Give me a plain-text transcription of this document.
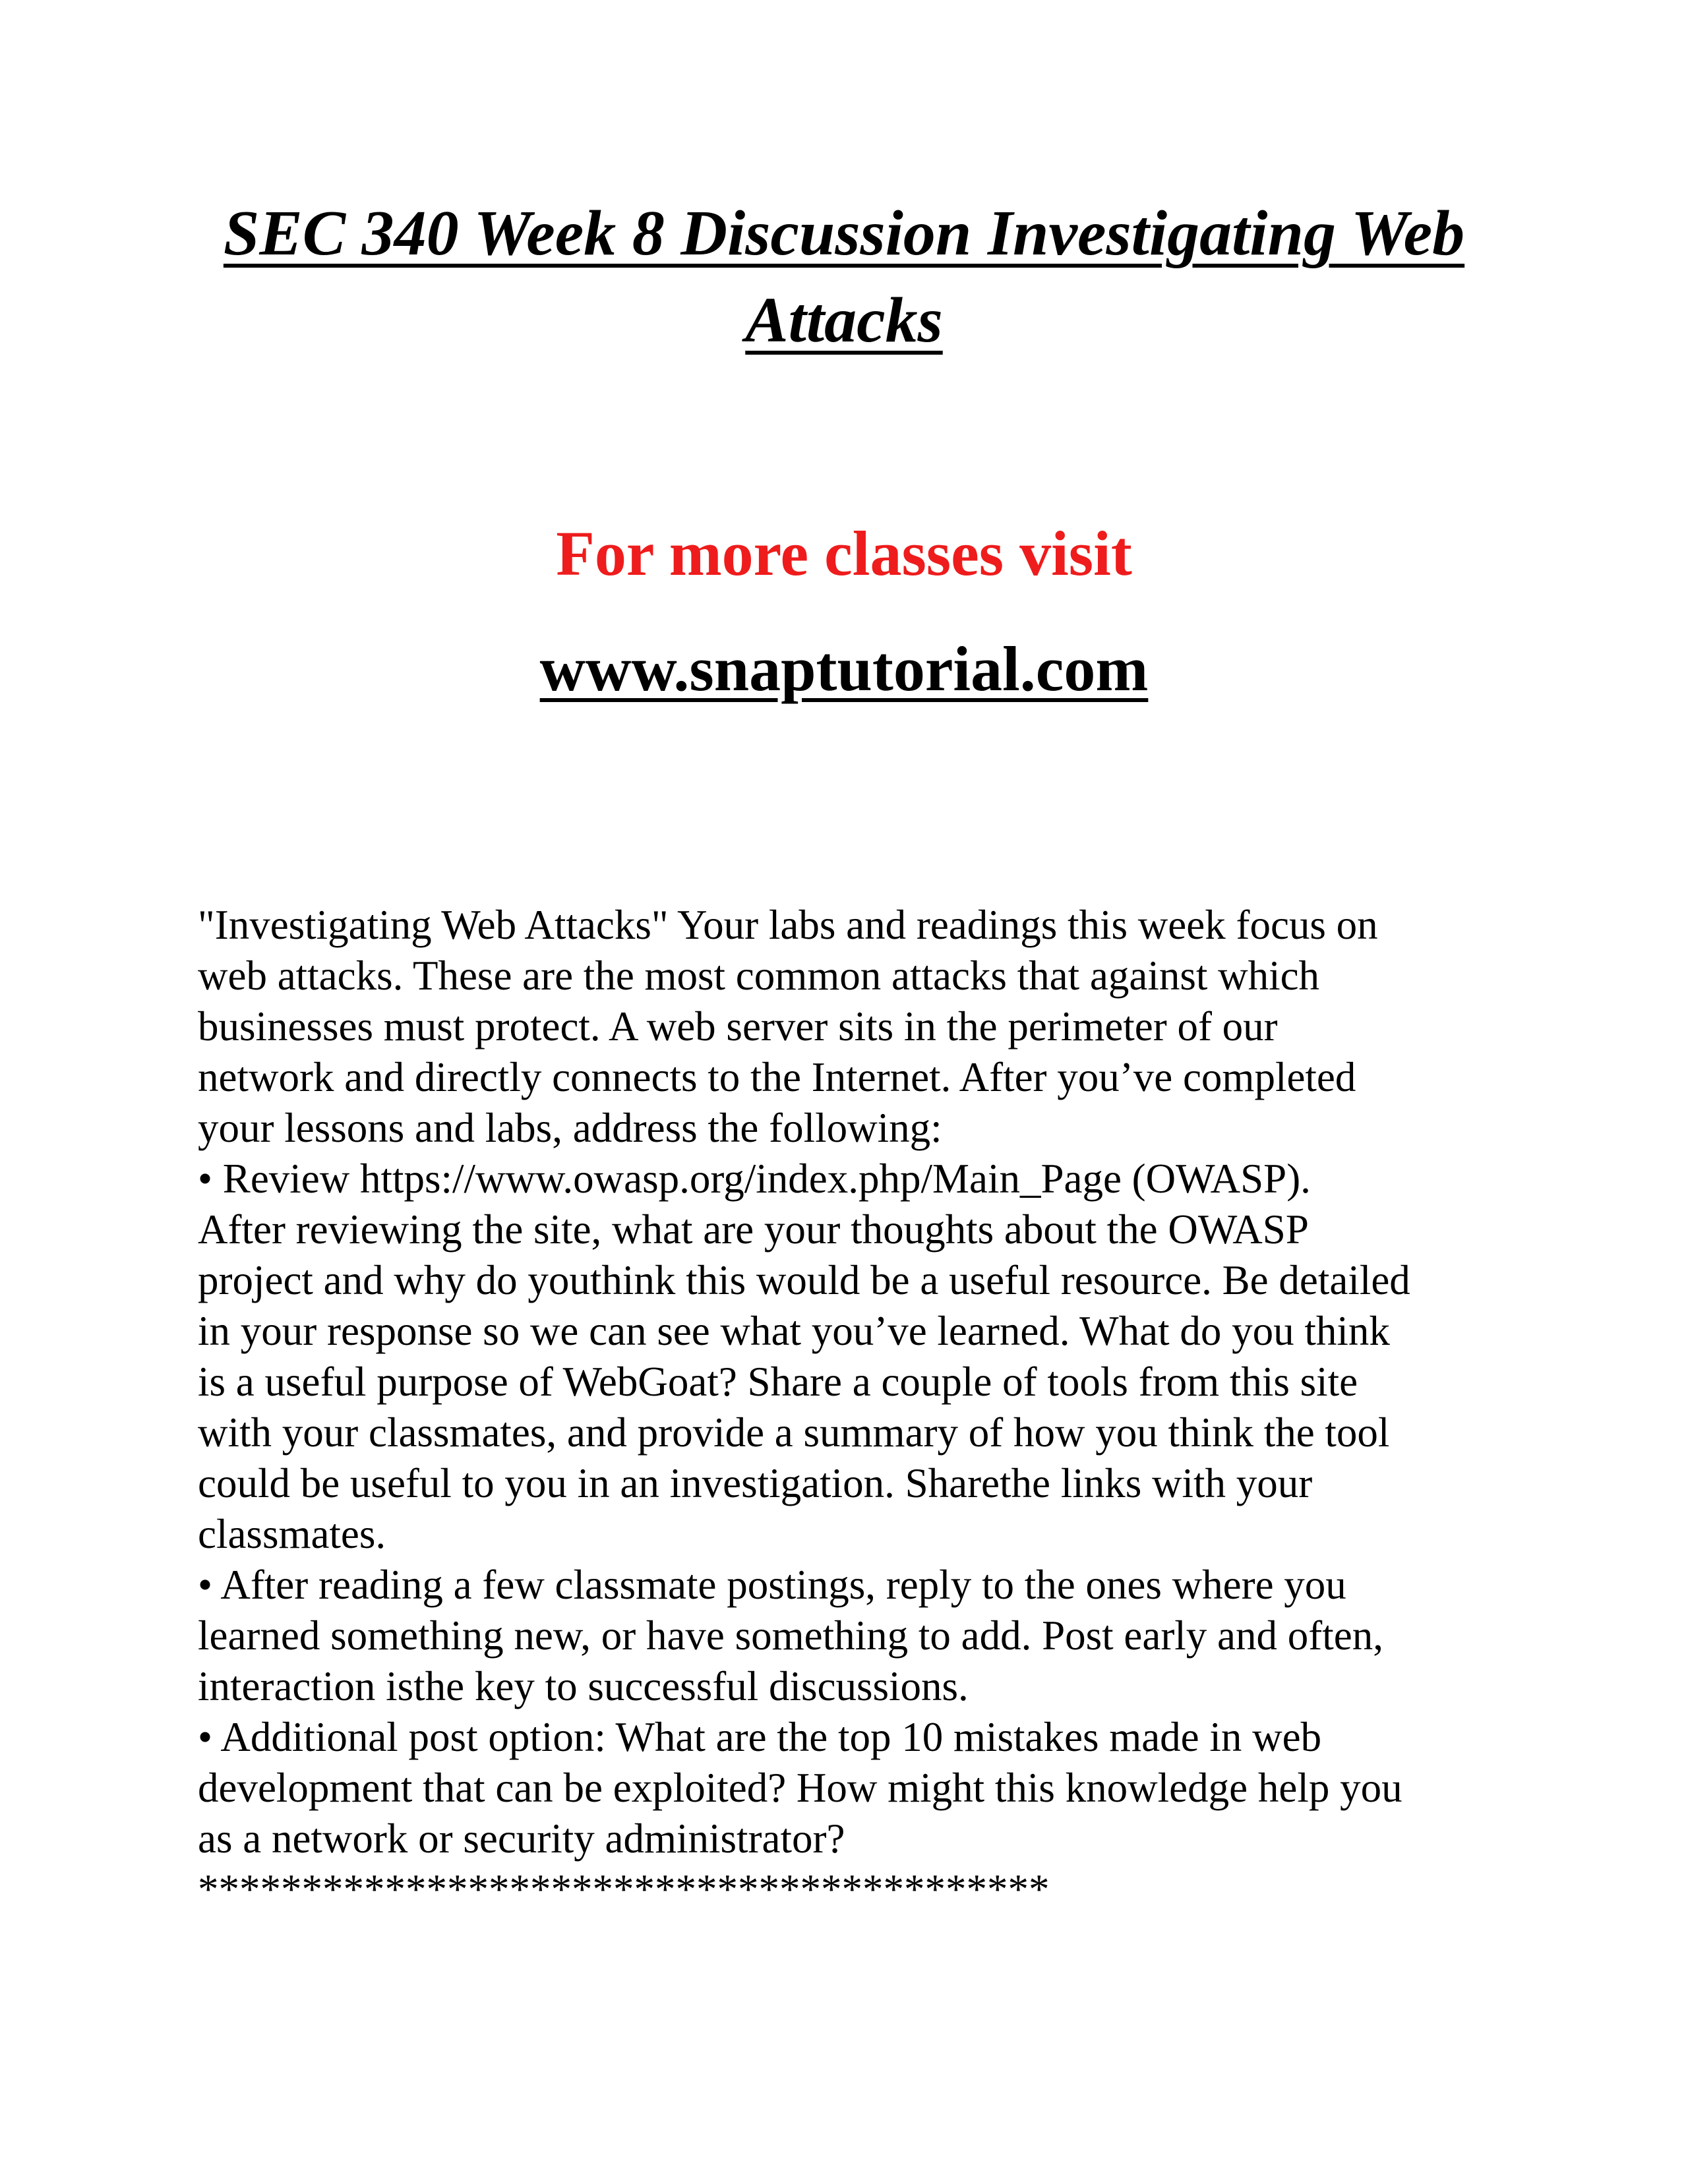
SEC 340 Week 8 Discussion Investigating Web Attacks

For more classes visit

www.snaptutorial.com

"Investigating Web Attacks" Your labs and readings this week focus on
web attacks. These are the most common attacks that against which
businesses must protect. A web server sits in the perimeter of our
network and directly connects to the Internet. After you’ve completed
your lessons and labs, address the following:
• Review https://www.owasp.org/index.php/Main_Page (OWASP).
After reviewing the site, what are your thoughts about the OWASP
project and why do youthink this would be a useful resource. Be detailed
in your response so we can see what you’ve learned. What do you think
is a useful purpose of WebGoat? Share a couple of tools from this site
with your classmates, and provide a summary of how you think the tool
could be useful to you in an investigation. Sharethe links with your
classmates.
• After reading a few classmate postings, reply to the ones where you
learned something new, or have something to add. Post early and often,
interaction isthe key to successful discussions.
• Additional post option: What are the top 10 mistakes made in web
development that can be exploited? How might this knowledge help you
as a network or security administrator?
*****************************************
